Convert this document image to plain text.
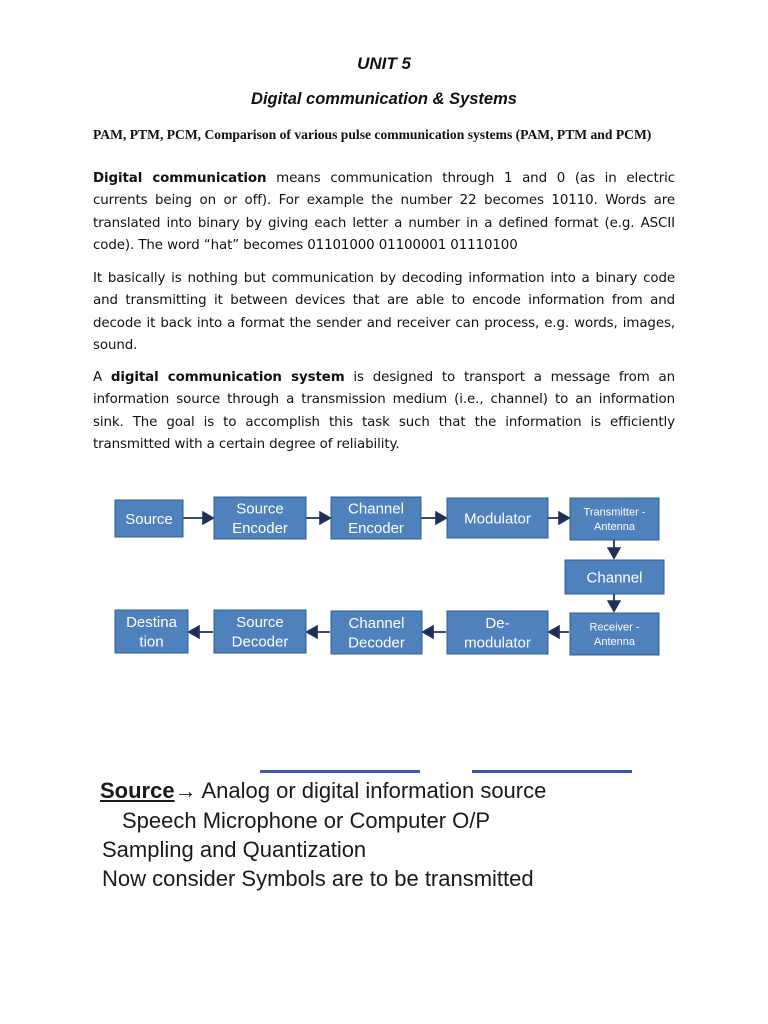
UNIT 5
Digital communication & Systems
PAM, PTM, PCM, Comparison of various pulse communication systems (PAM, PTM and PCM)
Digital communication means communication through 1 and 0 (as in electric currents being on or off). For example the number 22 becomes 10110. Words are translated into binary by giving each letter a number in a defined format (e.g. ASCII code). The word “hat” becomes 01101000 01100001 01110100
It basically is nothing but communication by decoding information into a binary code and transmitting it between devices that are able to encode information from and decode it back into a format the sender and receiver can process, e.g. words, images, sound.
A digital communication system is designed to transport a message from an information source through a transmission medium (i.e., channel) to an information sink. The goal is to accomplish this task such that the information is efficiently transmitted with a certain degree of reliability.
Source
Source
Encoder
Channel
Encoder
Modulator	Transmitter -
Antenna
Channel
Receiver -
Antenna
De-
modulator
Channel
Decoder
Source
Decoder
Destina
tion
Source→ Analog or digital information source
Speech Microphone or Computer O/P
Sampling and Quantization
Now consider Symbols are to be transmitted
